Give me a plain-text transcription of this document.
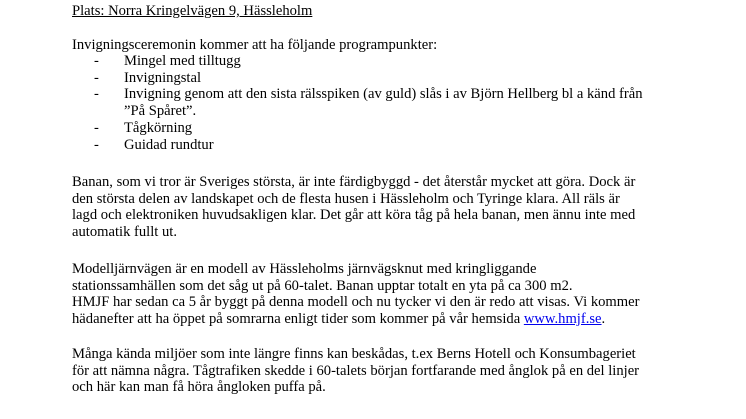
Plats: Norra Kringelvägen 9, Hässleholm
Invigningsceremonin kommer att ha följande programpunkter:
- Mingel med tilltugg
- Invigningstal
- Invigning genom att den sista rälsspiken (av guld) slås i av Björn Hellberg bl a känd från
”På Spåret”.
- Tågkörning
- Guidad rundtur
Banan, som vi tror är Sveriges största, är inte färdigbyggd - det återstår mycket att göra. Dock är
den största delen av landskapet och de flesta husen i Hässleholm och Tyringe klara. All räls är
lagd och elektroniken huvudsakligen klar. Det går att köra tåg på hela banan, men ännu inte med
automatik fullt ut.
Modelljärnvägen är en modell av Hässleholms järnvägsknut med kringliggande
stationssamhällen som det såg ut på 60-talet. Banan upptar totalt en yta på ca 300 m2.
HMJF har sedan ca 5 år byggt på denna modell och nu tycker vi den är redo att visas. Vi kommer
hädanefter att ha öppet på somrarna enligt tider som kommer på vår hemsida www.hmjf.se.
Många kända miljöer som inte längre finns kan beskådas, t.ex Berns Hotell och Konsumbageriet
för att nämna några. Tågtrafiken skedde i 60-talets början fortfarande med ånglok på en del linjer
och här kan man få höra ångloken puffa på.
